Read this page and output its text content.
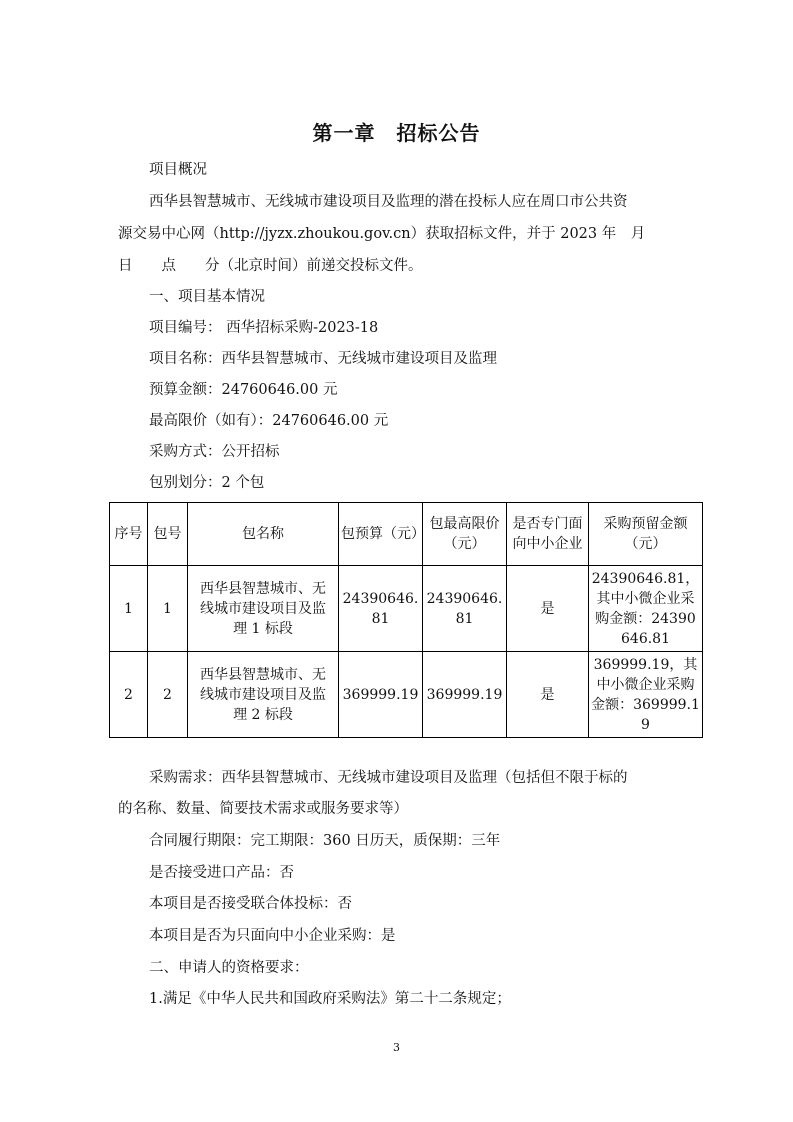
第一章　招标公告
项目概况
西华县智慧城市、无线城市建设项目及监理的潜在投标人应在周口市公共资
源交易中心网（http://jyzx.zhoukou.gov.cn）获取招标文件，并于 2023 年　月
日　　点　　分（北京时间）前递交投标文件。
一、项目基本情况
项目编号： 西华招标采购-2023-18
项目名称：西华县智慧城市、无线城市建设项目及监理
预算金额：24760646.00 元
最高限价（如有）：24760646.00 元
采购方式：公开招标
包别划分：2 个包
序号	包号	包名称	包预算（元）	包最高限价（元）	是否专门面向中小企业	采购预留金额（元）
1	1	西华县智慧城市、无线城市建设项目及监理 1 标段	24390646.81	24390646.81	是	24390646.81，其中小微企业采购金额：24390646.81
2	2	西华县智慧城市、无线城市建设项目及监理 2 标段	369999.19	369999.19	是	369999.19，其中小微企业采购金额：369999.19
采购需求：西华县智慧城市、无线城市建设项目及监理（包括但不限于标的
的名称、数量、简要技术需求或服务要求等）
合同履行期限：完工期限：360 日历天，质保期：三年
是否接受进口产品：否
本项目是否接受联合体投标：否
本项目是否为只面向中小企业采购：是
二、申请人的资格要求：
1.满足《中华人民共和国政府采购法》第二十二条规定；
3
